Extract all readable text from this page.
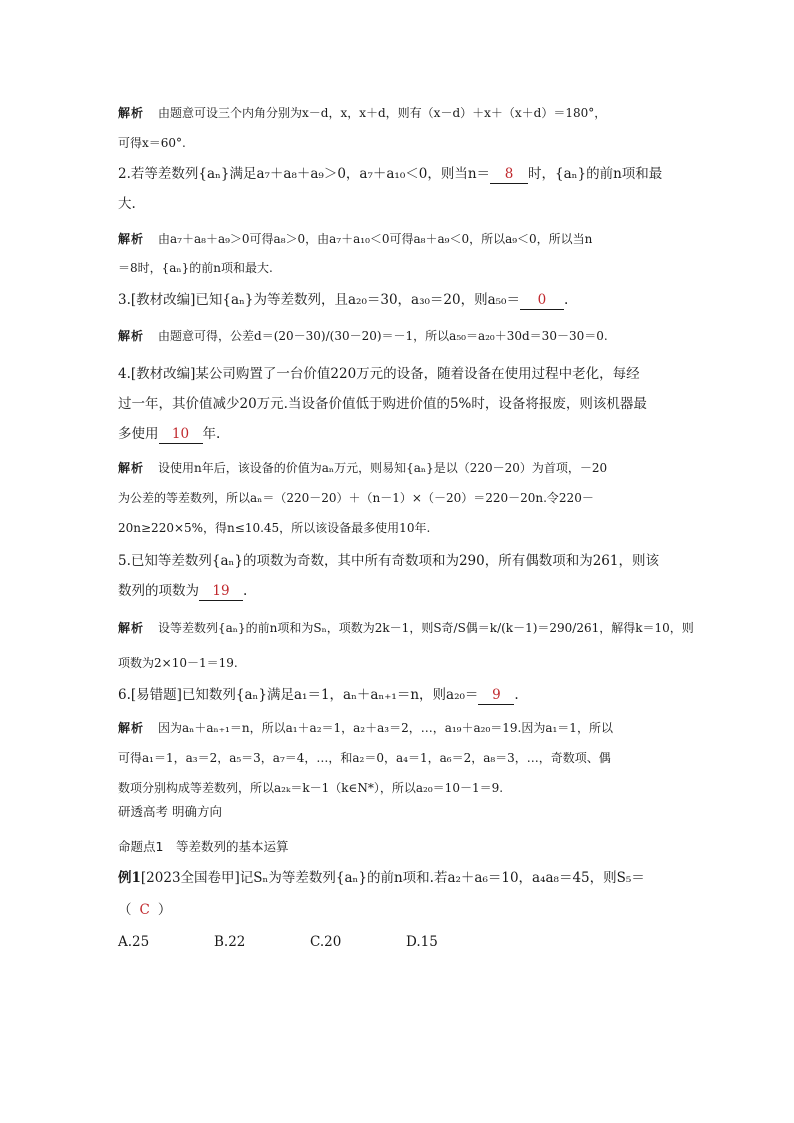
解析 由题意可设三个内角分别为x－d，x，x＋d，则有（x－d）＋x＋（x＋d）＝180°，
可得x＝60°.
2.若等差数列{aₙ}满足a₇＋a₈＋a₉＞0，a₇＋a₁₀＜0，则当n＝ 8 时，{aₙ}的前n项和最
大.
解析 由a₇＋a₈＋a₉＞0可得a₈＞0，由a₇＋a₁₀＜0可得a₈＋a₉＜0，所以a₉＜0，所以当n
＝8时，{aₙ}的前n项和最大.
3.[教材改编]已知{aₙ}为等差数列，且a₂₀＝30，a₃₀＝20，则a₅₀＝ 0 .
解析 由题意可得，公差d＝(20－30)/(30－20)＝－1，所以a₅₀＝a₂₀＋30d＝30－30＝0.
4.[教材改编]某公司购置了一台价值220万元的设备，随着设备在使用过程中老化，每经
过一年，其价值减少20万元.当设备价值低于购进价值的5%时，设备将报废，则该机器最
多使用 10 年.
解析 设使用n年后，该设备的价值为aₙ万元，则易知{aₙ}是以（220－20）为首项，－20
为公差的等差数列，所以aₙ＝（220－20）＋（n－1）×（－20）＝220－20n.令220－
20n≥220×5%，得n≤10.45，所以该设备最多使用10年.
5.已知等差数列{aₙ}的项数为奇数，其中所有奇数项和为290，所有偶数项和为261，则该
数列的项数为 19 .
解析 设等差数列{aₙ}的前n项和为Sₙ，项数为2k－1，则S奇/S偶＝k/(k－1)＝290/261，解得k＝10，则
项数为2×10－1＝19.
6.[易错题]已知数列{aₙ}满足a₁＝1，aₙ＋aₙ₊₁＝n，则a₂₀＝ 9 .
解析 因为aₙ＋aₙ₊₁＝n，所以a₁＋a₂＝1，a₂＋a₃＝2，…，a₁₉＋a₂₀＝19.因为a₁＝1，所以
可得a₁＝1，a₃＝2，a₅＝3，a₇＝4，…，和a₂＝0，a₄＝1，a₆＝2，a₈＝3，…，奇数项、偶
数项分别构成等差数列，所以a₂ₖ＝k－1（k∈N*），所以a₂₀＝10－1＝9.
研透高考 明确方向
命题点1　等差数列的基本运算
例1[2023全国卷甲]记Sₙ为等差数列{aₙ}的前n项和.若a₂＋a₆＝10，a₄a₈＝45，则S₅＝
（ C ）
A.25	B.22	C.20	D.15
